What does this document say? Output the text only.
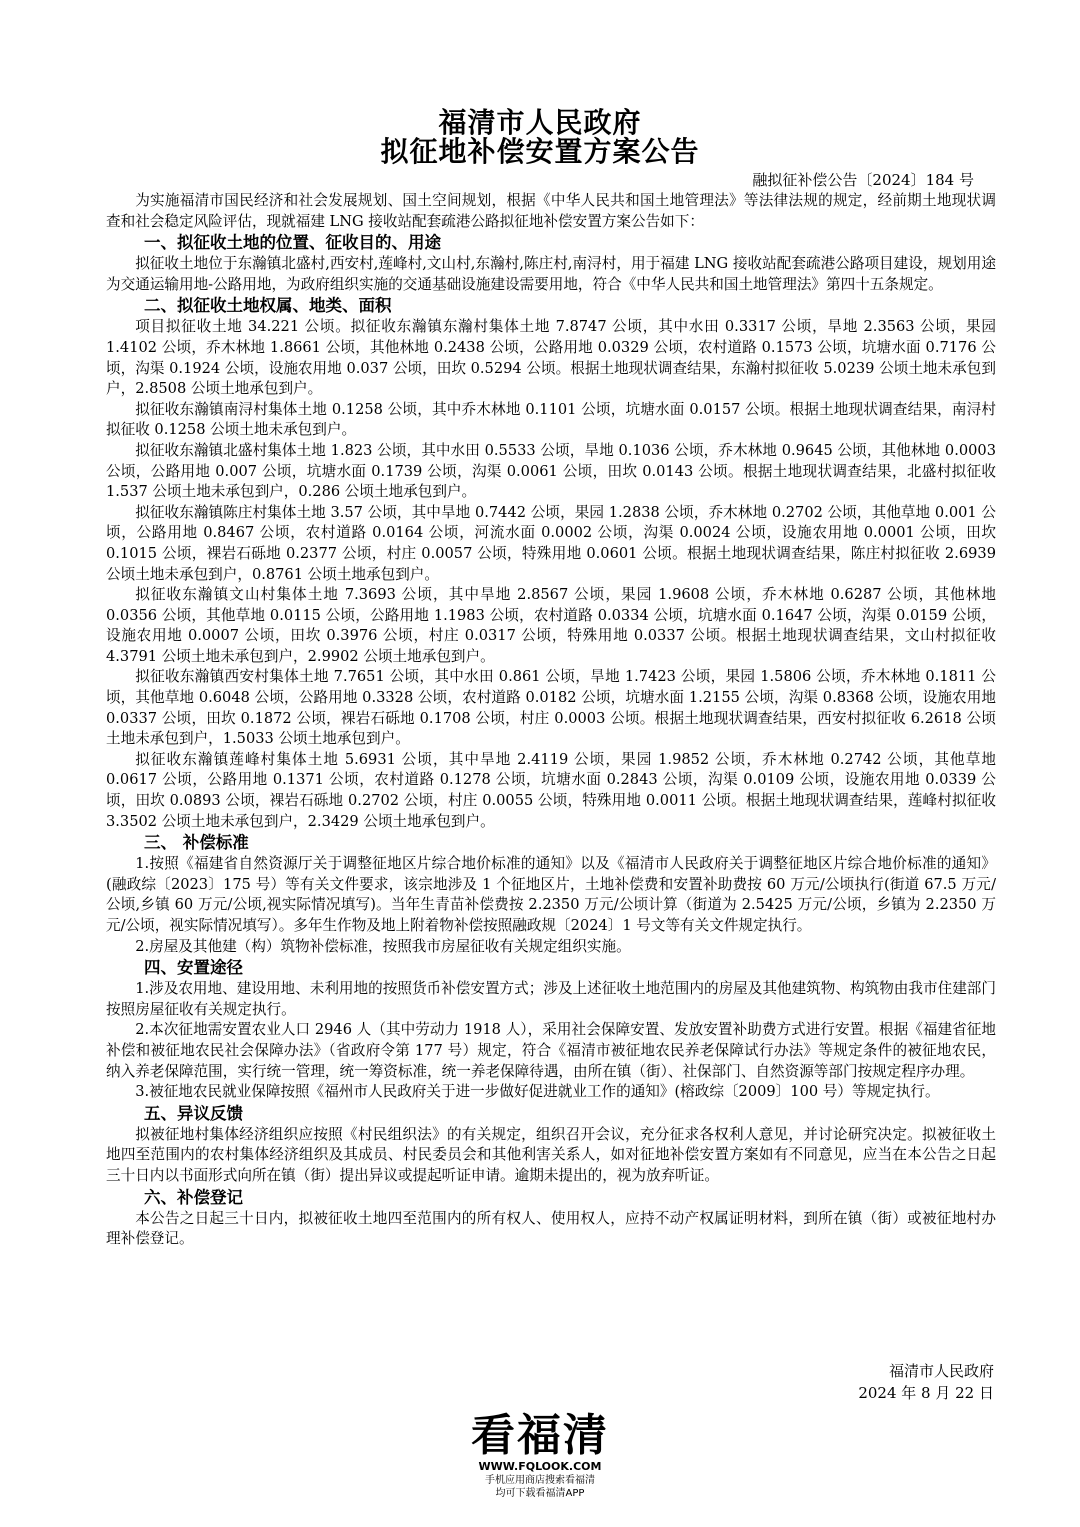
福清市人民政府
拟征地补偿安置方案公告
融拟征补偿公告〔2024〕184 号

为实施福清市国民经济和社会发展规划、国土空间规划，根据《中华人民共和国土地管理法》等法律法规的规定，经前期土地现状调查和社会稳定风险评估，现就福建 LNG 接收站配套疏港公路拟征地补偿安置方案公告如下：

一、拟征收土地的位置、征收目的、用途

拟征收土地位于东瀚镇北盛村,西安村,莲峰村,文山村,东瀚村,陈庄村,南浔村，用于福建 LNG 接收站配套疏港公路项目建设，规划用途为交通运输用地-公路用地，为政府组织实施的交通基础设施建设需要用地，符合《中华人民共和国土地管理法》第四十五条规定。

二、拟征收土地权属、地类、面积

项目拟征收土地 34.221 公顷。拟征收东瀚镇东瀚村集体土地 7.8747 公顷，其中水田 0.3317 公顷，旱地 2.3563 公顷，果园 1.4102 公顷，乔木林地 1.8661 公顷，其他林地 0.2438 公顷，公路用地 0.0329 公顷，农村道路 0.1573 公顷，坑塘水面 0.7176 公顷，沟渠 0.1924 公顷，设施农用地 0.037 公顷，田坎 0.5294 公顷。根据土地现状调查结果，东瀚村拟征收 5.0239 公顷土地未承包到户，2.8508 公顷土地承包到户。

拟征收东瀚镇南浔村集体土地 0.1258 公顷，其中乔木林地 0.1101 公顷，坑塘水面 0.0157 公顷。根据土地现状调查结果，南浔村拟征收 0.1258 公顷土地未承包到户。

拟征收东瀚镇北盛村集体土地 1.823 公顷，其中水田 0.5533 公顷，旱地 0.1036 公顷，乔木林地 0.9645 公顷，其他林地 0.0003 公顷，公路用地 0.007 公顷，坑塘水面 0.1739 公顷，沟渠 0.0061 公顷，田坎 0.0143 公顷。根据土地现状调查结果，北盛村拟征收 1.537 公顷土地未承包到户，0.286 公顷土地承包到户。

拟征收东瀚镇陈庄村集体土地 3.57 公顷，其中旱地 0.7442 公顷，果园 1.2838 公顷，乔木林地 0.2702 公顷，其他草地 0.001 公顷，公路用地 0.8467 公顷，农村道路 0.0164 公顷，河流水面 0.0002 公顷，沟渠 0.0024 公顷，设施农用地 0.0001 公顷，田坎 0.1015 公顷，裸岩石砾地 0.2377 公顷，村庄 0.0057 公顷，特殊用地 0.0601 公顷。根据土地现状调查结果，陈庄村拟征收 2.6939 公顷土地未承包到户，0.8761 公顷土地承包到户。

拟征收东瀚镇文山村集体土地 7.3693 公顷，其中旱地 2.8567 公顷，果园 1.9608 公顷，乔木林地 0.6287 公顷，其他林地 0.0356 公顷，其他草地 0.0115 公顷，公路用地 1.1983 公顷，农村道路 0.0334 公顷，坑塘水面 0.1647 公顷，沟渠 0.0159 公顷，设施农用地 0.0007 公顷，田坎 0.3976 公顷，村庄 0.0317 公顷，特殊用地 0.0337 公顷。根据土地现状调查结果，文山村拟征收 4.3791 公顷土地未承包到户，2.9902 公顷土地承包到户。

拟征收东瀚镇西安村集体土地 7.7651 公顷，其中水田 0.861 公顷，旱地 1.7423 公顷，果园 1.5806 公顷，乔木林地 0.1811 公顷，其他草地 0.6048 公顷，公路用地 0.3328 公顷，农村道路 0.0182 公顷，坑塘水面 1.2155 公顷，沟渠 0.8368 公顷，设施农用地 0.0337 公顷，田坎 0.1872 公顷，裸岩石砾地 0.1708 公顷，村庄 0.0003 公顷。根据土地现状调查结果，西安村拟征收 6.2618 公顷土地未承包到户，1.5033 公顷土地承包到户。

拟征收东瀚镇莲峰村集体土地 5.6931 公顷，其中旱地 2.4119 公顷，果园 1.9852 公顷，乔木林地 0.2742 公顷，其他草地 0.0617 公顷，公路用地 0.1371 公顷，农村道路 0.1278 公顷，坑塘水面 0.2843 公顷，沟渠 0.0109 公顷，设施农用地 0.0339 公顷，田坎 0.0893 公顷，裸岩石砾地 0.2702 公顷，村庄 0.0055 公顷，特殊用地 0.0011 公顷。根据土地现状调查结果，莲峰村拟征收 3.3502 公顷土地未承包到户，2.3429 公顷土地承包到户。

三、 补偿标准

1.按照《福建省自然资源厅关于调整征地区片综合地价标准的通知》以及《福清市人民政府关于调整征地区片综合地价标准的通知》(融政综〔2023〕175 号）等有关文件要求，该宗地涉及 1 个征地区片，土地补偿费和安置补助费按 60 万元/公顷执行(街道 67.5 万元/公顷,乡镇 60 万元/公顷,视实际情况填写)。当年生青苗补偿费按 2.2350 万元/公顷计算（街道为 2.5425 万元/公顷，乡镇为 2.2350 万元/公顷，视实际情况填写）。多年生作物及地上附着物补偿按照融政规〔2024〕1 号文等有关文件规定执行。

2.房屋及其他建（构）筑物补偿标准，按照我市房屋征收有关规定组织实施。

四、安置途径

1.涉及农用地、建设用地、未利用地的按照货币补偿安置方式；涉及上述征收土地范围内的房屋及其他建筑物、构筑物由我市住建部门按照房屋征收有关规定执行。

2.本次征地需安置农业人口 2946 人（其中劳动力 1918 人），采用社会保障安置、发放安置补助费方式进行安置。根据《福建省征地补偿和被征地农民社会保障办法》（省政府令第 177 号）规定，符合《福清市被征地农民养老保障试行办法》等规定条件的被征地农民，纳入养老保障范围，实行统一管理，统一筹资标准，统一养老保障待遇，由所在镇（街）、社保部门、自然资源等部门按规定程序办理。

3.被征地农民就业保障按照《福州市人民政府关于进一步做好促进就业工作的通知》(榕政综〔2009〕100 号）等规定执行。

五、异议反馈

拟被征地村集体经济组织应按照《村民组织法》的有关规定，组织召开会议，充分征求各权利人意见，并讨论研究决定。拟被征收土地四至范围内的农村集体经济组织及其成员、村民委员会和其他利害关系人，如对征地补偿安置方案如有不同意见，应当在本公告之日起三十日内以书面形式向所在镇（街）提出异议或提起听证申请。逾期未提出的，视为放弃听证。

六、补偿登记

本公告之日起三十日内，拟被征收土地四至范围内的所有权人、使用权人，应持不动产权属证明材料，到所在镇（街）或被征地村办理补偿登记。

福清市人民政府
2024 年 8 月 22 日
看福清
WWW.FQLOOK.COM
手机应用商店搜索看福清
均可下载看福清APP
